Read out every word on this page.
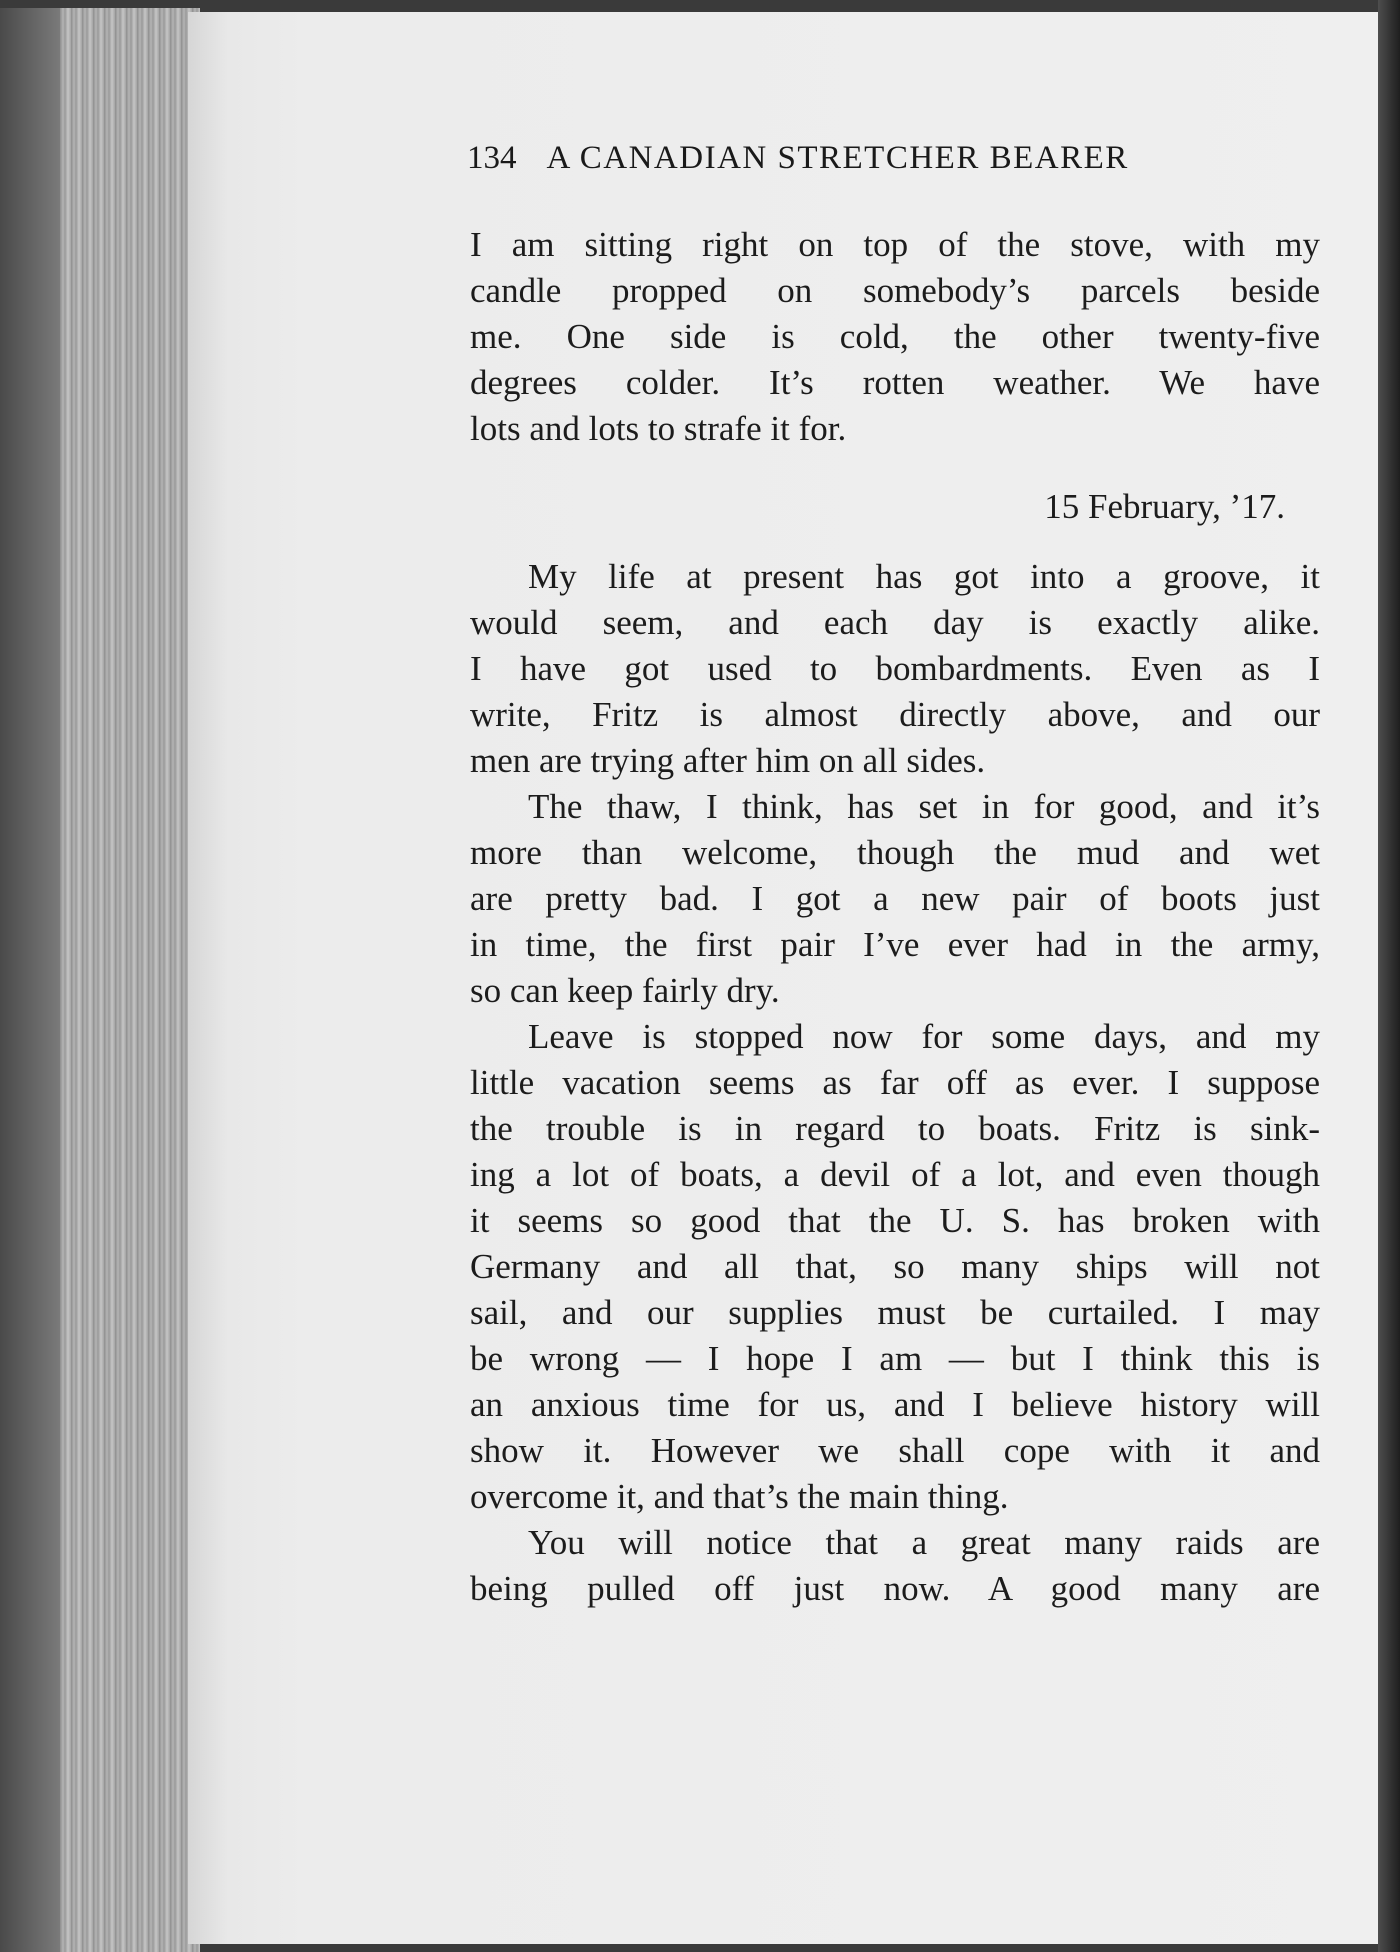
134 A CANADIAN STRETCHER BEARER
I am sitting right on top of the stove, with my
candle propped on somebody’s parcels beside
me. One side is cold, the other twenty-five
degrees colder. It’s rotten weather. We have
lots and lots to strafe it for.
15 February, ’17.
My life at present has got into a groove, it
would seem, and each day is exactly alike.
I have got used to bombardments. Even as I
write, Fritz is almost directly above, and our
men are trying after him on all sides.
The thaw, I think, has set in for good, and it’s
more than welcome, though the mud and wet
are pretty bad. I got a new pair of boots just
in time, the first pair I’ve ever had in the army,
so can keep fairly dry.
Leave is stopped now for some days, and my
little vacation seems as far off as ever. I suppose
the trouble is in regard to boats. Fritz is sink-
ing a lot of boats, a devil of a lot, and even though
it seems so good that the U. S. has broken with
Germany and all that, so many ships will not
sail, and our supplies must be curtailed. I may
be wrong — I hope I am — but I think this is
an anxious time for us, and I believe history will
show it. However we shall cope with it and
overcome it, and that’s the main thing.
You will notice that a great many raids are
being pulled off just now. A good many are
